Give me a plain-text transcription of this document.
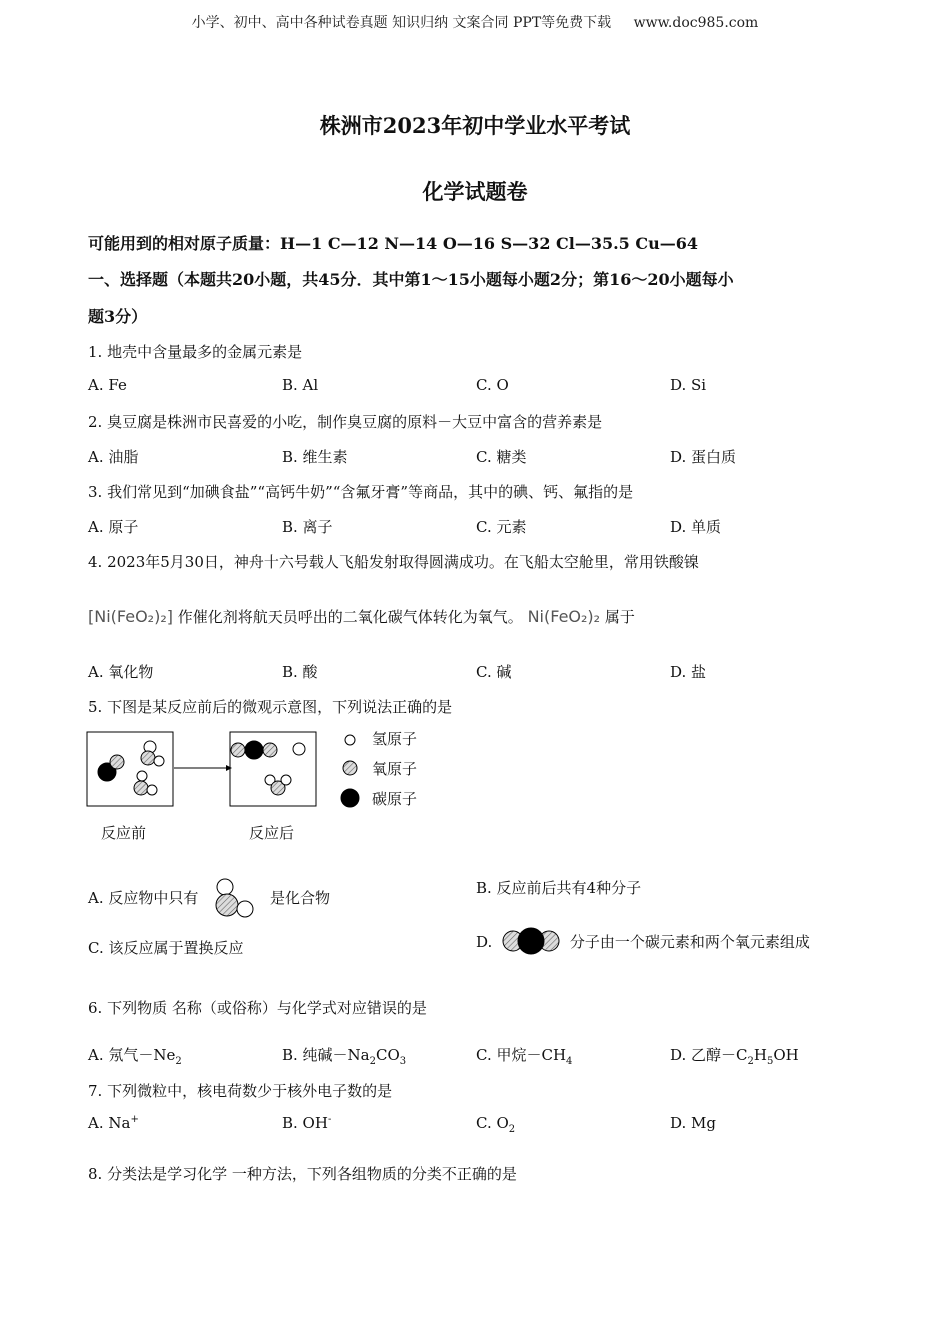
小学、初中、高中各种试卷真题 知识归纳 文案合同 PPT等免费下载 www.doc985.com
株洲市2023年初中学业水平考试
化学试题卷
可能用到的相对原子质量：H—1 C—12 N—14 O—16 S—32 Cl—35.5 Cu—64
一、选择题（本题共20小题，共45分．其中第1～15小题每小题2分；第16～20小题每小
题3分）
1. 地壳中含量最多的金属元素是
A. Fe	B. Al	C. O	D. Si
2. 臭豆腐是株洲市民喜爱的小吃，制作臭豆腐的原料－大豆中富含的营养素是
A. 油脂	B. 维生素	C. 糖类	D. 蛋白质
3. 我们常见到“加碘食盐”“高钙牛奶”“含氟牙膏”等商品，其中的碘、钙、氟指的是
A. 原子	B. 离子	C. 元素	D. 单质
4. 2023年5月30日，神舟十六号载人飞船发射取得圆满成功。在飞船太空舱里，常用铁酸镍
[Ni(FeO₂)₂] 作催化剂将航天员呼出的二氧化碳气体转化为氧气。 Ni(FeO₂)₂ 属于
A. 氧化物	B. 酸	C. 碱	D. 盐
5. 下图是某反应前后的微观示意图，下列说法正确的是
氢原子
氧原子
碳原子
反应前	反应后
A. 反应物中只有	是化合物
B. 反应前后共有4种分子
C. 该反应属于置换反应	D.	分子由一个碳元素和两个氧元素组成
6. 下列物质 名称（或俗称）与化学式对应错误的是
A. 氖气$-Ne_2$	B. 纯碱$-Na_2CO_3$	C. 甲烷$-CH_4$	D. 乙醇$-C_2H_5OH$
7. 下列微粒中，核电荷数少于核外电子数的是
A. Na+	B. OH-	C. $O_2$	D. Mg
8. 分类法是学习化学 一种方法，下列各组物质的分类不正确的是
